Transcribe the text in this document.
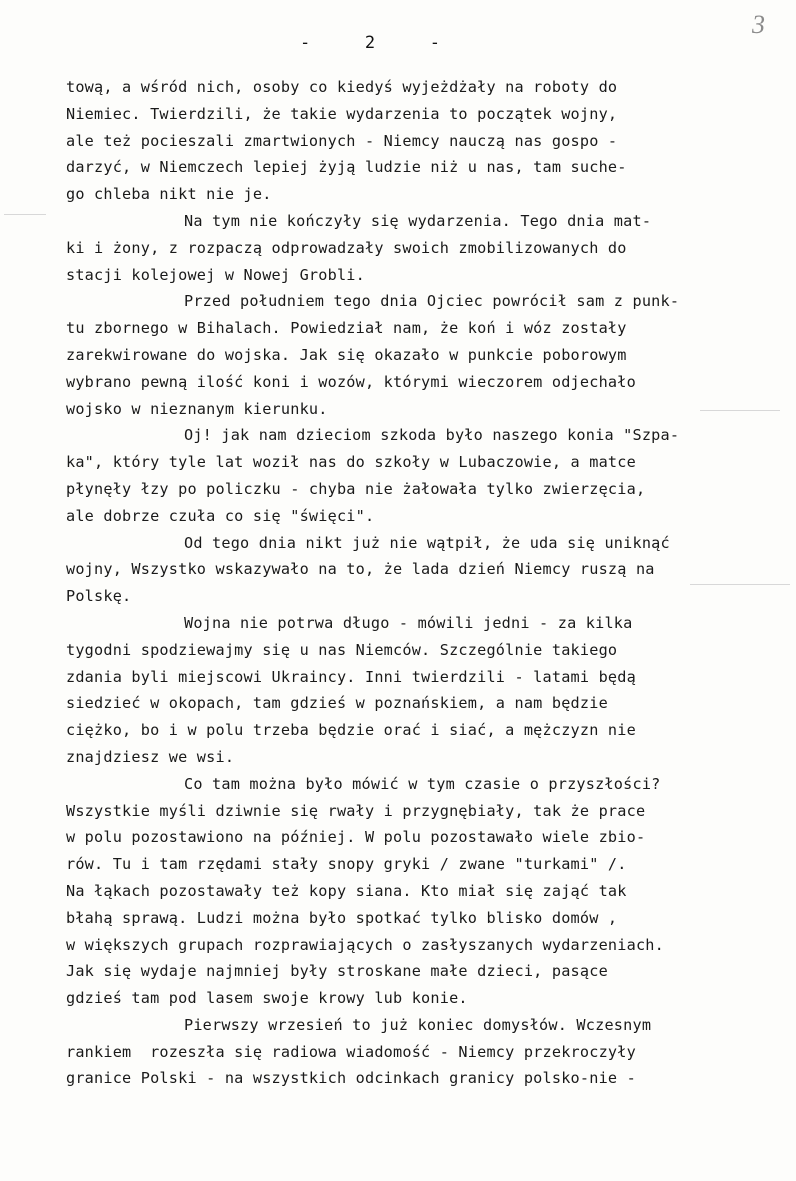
-	2	-
3
tową, a wśród nich, osoby co kiedyś wyjeżdżały na roboty do
Niemiec. Twierdzili, że takie wydarzenia to początek wojny,
ale też pocieszali zmartwionych - Niemcy nauczą nas gospo -
darzyć, w Niemczech lepiej żyją ludzie niż u nas, tam suche-
go chleba nikt nie je.
Na tym nie kończyły się wydarzenia. Tego dnia mat-
ki i żony, z rozpaczą odprowadzały swoich zmobilizowanych do
stacji kolejowej w Nowej Grobli.
Przed południem tego dnia Ojciec powrócił sam z punk-
tu zbornego w Bihalach. Powiedział nam, że koń i wóz zostały
zarekwirowane do wojska. Jak się okazało w punkcie poborowym
wybrano pewną ilość koni i wozów, którymi wieczorem odjechało
wojsko w nieznanym kierunku.
Oj! jak nam dzieciom szkoda było naszego konia "Szpa-
ka", który tyle lat woził nas do szkoły w Lubaczowie, a matce
płynęły łzy po policzku - chyba nie żałowała tylko zwierzęcia,
ale dobrze czuła co się "święci".
Od tego dnia nikt już nie wątpił, że uda się uniknąć
wojny, Wszystko wskazywało na to, że lada dzień Niemcy ruszą na
Polskę.
Wojna nie potrwa długo - mówili jedni - za kilka
tygodni spodziewajmy się u nas Niemców. Szczególnie takiego
zdania byli miejscowi Ukraincy. Inni twierdzili - latami będą
siedzieć w okopach, tam gdzieś w poznańskiem, a nam będzie
ciężko, bo i w polu trzeba będzie orać i siać, a mężczyzn nie
znajdziesz we wsi.
Co tam można było mówić w tym czasie o przyszłości?
Wszystkie myśli dziwnie się rwały i przygnębiały, tak że prace
w polu pozostawiono na później. W polu pozostawało wiele zbio-
rów. Tu i tam rzędami stały snopy gryki / zwane "turkami" /.
Na łąkach pozostawały też kopy siana. Kto miał się zająć tak
błahą sprawą. Ludzi można było spotkać tylko blisko domów ,
w większych grupach rozprawiających o zasłyszanych wydarzeniach.
Jak się wydaje najmniej były stroskane małe dzieci, pasące
gdzieś tam pod lasem swoje krowy lub konie.
Pierwszy wrzesień to już koniec domysłów. Wczesnym
rankiem  rozeszła się radiowa wiadomość - Niemcy przekroczyły
granice Polski - na wszystkich odcinkach granicy polsko-nie -
